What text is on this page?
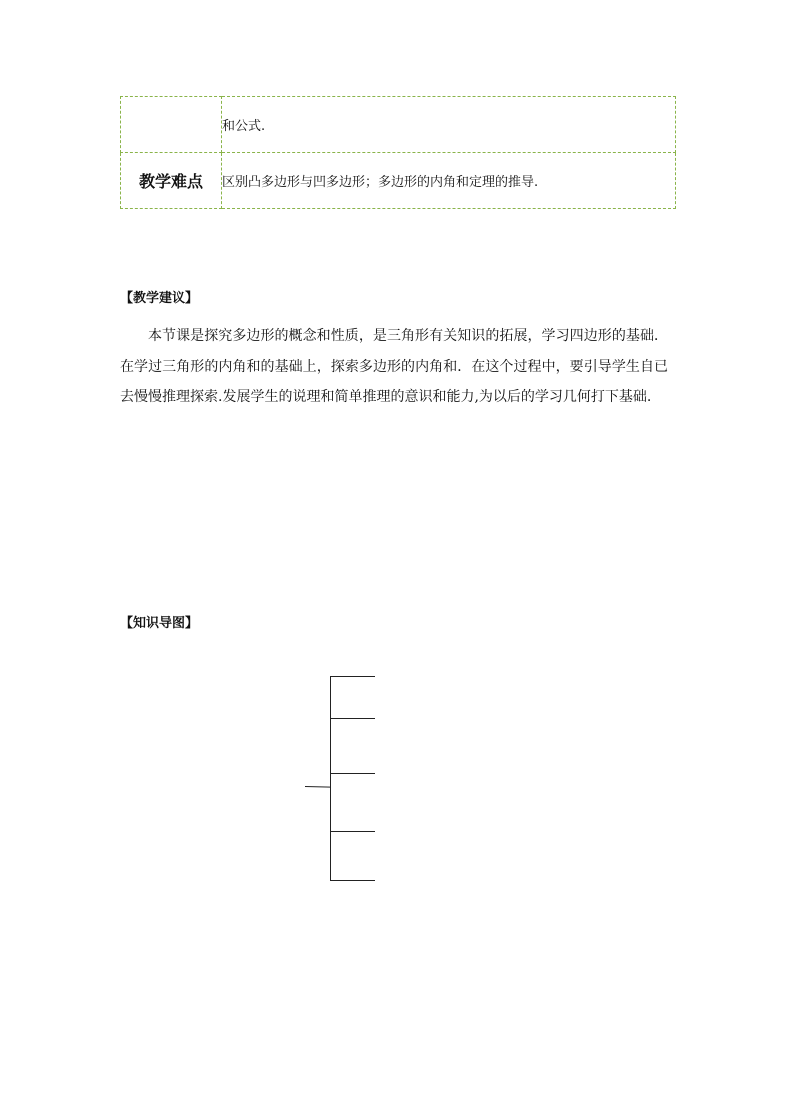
	和公式.
教学难点	区别凸多边形与凹多边形；多边形的内角和定理的推导.
【教学建议】

本节课是探究多边形的概念和性质，是三角形有关知识的拓展，学习四边形的基础．在学过三角形的内角和的基础上，探索多边形的内角和．在这个过程中，要引导学生自已去慢慢推理探索.发展学生的说理和简单推理的意识和能力,为以后的学习几何打下基础.

【知识导图】
